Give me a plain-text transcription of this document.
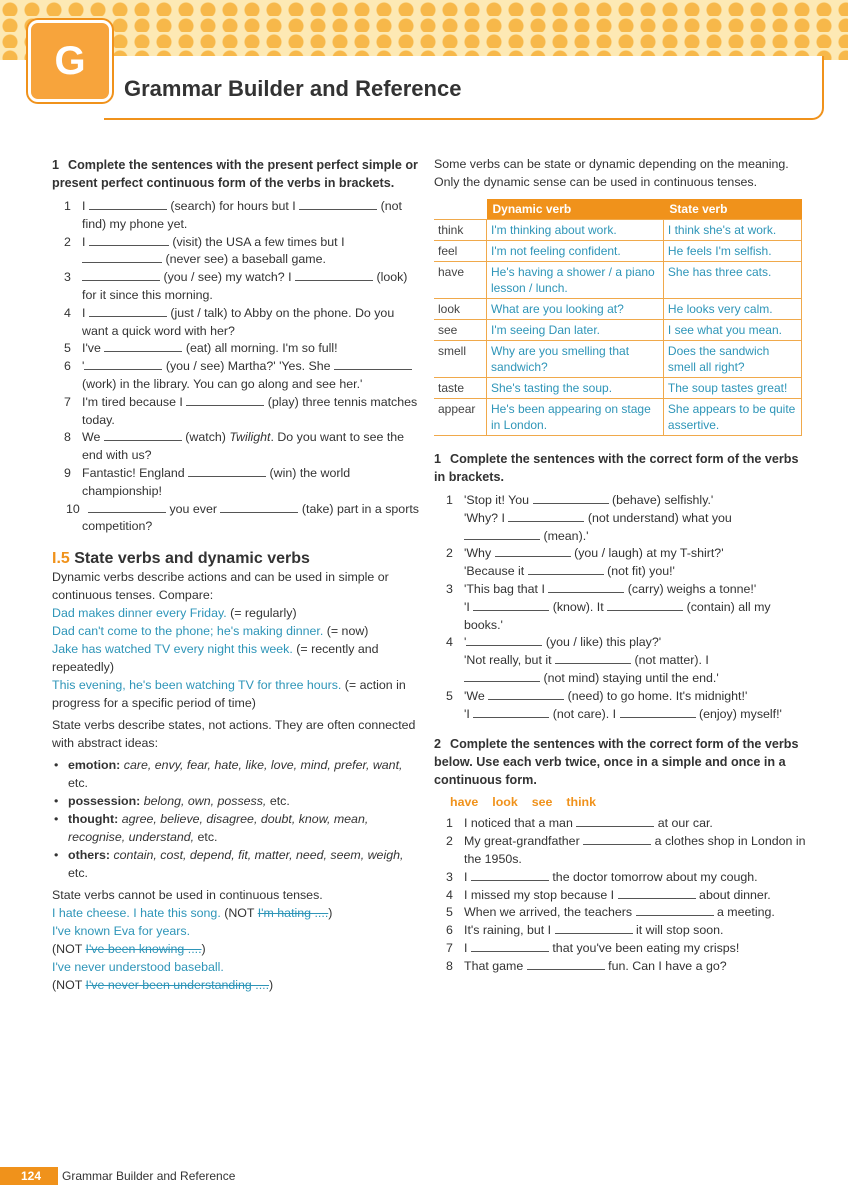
G
Grammar Builder and Reference
1 Complete the sentences with the present perfect simple or present perfect continuous form of the verbs in brackets.
1 I	(search) for hours but I	(not find) my phone yet.
2 I	(visit) the USA a few times but I  (never see) a baseball game.
3	(you / see) my watch? I	(look) for it since this morning.
4 I	(just / talk) to Abby on the phone. Do you want a quick word with her?
5 I've	(eat) all morning. I'm so full!
6 '	(you / see) Martha?' 'Yes. She  (work) in the library. You can go along and see her.'
7 I'm tired because I	(play) three tennis matches today.
8 We	(watch) Twilight. Do you want to see the end with us?
9 Fantastic! England	(win) the world championship!
10	you ever	(take) part in a sports competition?
I.5 State verbs and dynamic verbs

Dynamic verbs describe actions and can be used in simple or continuous tenses. Compare:

Dad makes dinner every Friday. (= regularly)

Dad can't come to the phone; he's making dinner. (= now)

Jake has watched TV every night this week. (= recently and repeatedly)

This evening, he's been watching TV for three hours. (= action in progress for a specific period of time)

State verbs describe states, not actions. They are often connected with abstract ideas:

• emotion: care, envy, fear, hate, like, love, mind, prefer, want, etc.
• possession: belong, own, possess, etc.
• thought: agree, believe, disagree, doubt, know, mean, recognise, understand, etc.
• others: contain, cost, depend, fit, matter, need, seem, weigh, etc.

State verbs cannot be used in continuous tenses.

I hate cheese. I hate this song. (NOT I'm hating ....)

I've known Eva for years.

(NOT I've been knowing ....)

I've never understood baseball.

(NOT I've never been understanding ....)

Some verbs can be state or dynamic depending on the meaning. Only the dynamic sense can be used in continuous tenses.

	Dynamic verb	State verb
think	I'm thinking about work.	I think she's at work.
feel	I'm not feeling confident.	He feels I'm selfish.
have	He's having a shower / a piano lesson / lunch.	She has three cats.
look	What are you looking at?	He looks very calm.
see	I'm seeing Dan later.	I see what you mean.
smell	Why are you smelling that sandwich?	Does the sandwich smell all right?
taste	She's tasting the soup.	The soup tastes great!
appear	He's been appearing on stage in London.	She appears to be quite assertive.
1 Complete the sentences with the correct form of the verbs in brackets.
1 'Stop it! You	(behave) selfishly.'
'Why? I	(not understand) what you
(mean).'
2 'Why	(you / laugh) at my T-shirt?'
'Because it	(not fit) you!'
3 'This bag that I	(carry) weighs a tonne!'
'I	(know). It	(contain) all my
books.'
4 '	(you / like) this play?'
'Not really, but it	(not matter). I
(not mind) staying until the end.'
5 'We	(need) to go home. It's midnight!'
'I	(not care). I	(enjoy) myself!'
2 Complete the sentences with the correct form of the verbs below. Use each verb twice, once in a simple and once in a continuous form.
have look see think
1 I noticed that a man	at our car.
2 My great-grandfather	a clothes shop in London in the 1950s.
3 I	the doctor tomorrow about my cough.
4 I missed my stop because I	about dinner.
5 When we arrived, the teachers	a meeting.
6 It's raining, but I	it will stop soon.
7 I	that you've been eating my crisps!
8 That game	fun. Can I have a go?
124	Grammar Builder and Reference
